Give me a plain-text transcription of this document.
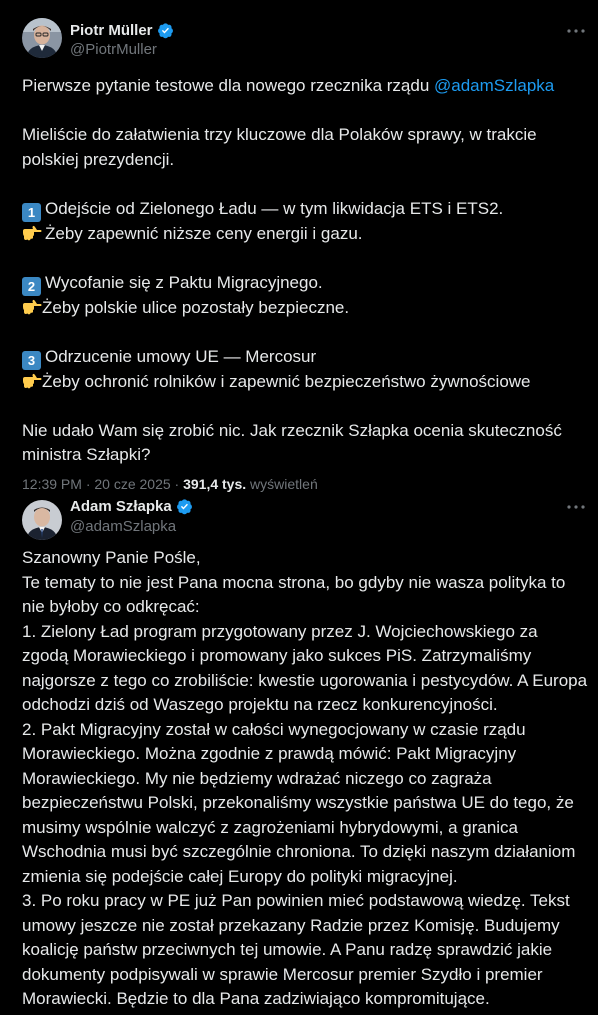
Piotr Müller
@PiotrMuller
Pierwsze pytanie testowe dla nowego rzecznika rządu @adamSzlapka

Mieliście do załatwienia trzy kluczowe dla Polaków sprawy, w trakcie polskiej prezydencji.

1 Odejście od Zielonego Ładu — w tym likwidacja ETS i ETS2.
Żeby zapewnić niższe ceny energii i gazu.

2 Wycofanie się z Paktu Migracyjnego.
Żeby polskie ulice pozostały bezpieczne.

3 Odrzucenie umowy UE — Mercosur
Żeby ochronić rolników i zapewnić bezpieczeństwo żywnościowe

Nie udało Wam się zrobić nic. Jak rzecznik Szłapka ocenia skuteczność ministra Szłapki?
12:39 PM · 20 cze 2025 · 391,4 tys. wyświetleń
Adam Szłapka
@adamSzlapka
Szanowny Panie Pośle,
Te tematy to nie jest Pana mocna strona, bo gdyby nie wasza polityka to nie byłoby co odkręcać:
1. Zielony Ład program przygotowany przez J. Wojciechowskiego za zgodą Morawieckiego i promowany jako sukces PiS. Zatrzymaliśmy najgorsze z tego co zrobiliście: kwestie ugorowania i pestycydów. A Europa odchodzi dziś od Waszego projektu na rzecz konkurencyjności.
2. Pakt Migracyjny został w całości wynegocjowany w czasie rządu Morawieckiego. Można zgodnie z prawdą mówić: Pakt Migracyjny Morawieckiego. My nie będziemy wdrażać niczego co zagraża bezpieczeństwu Polski, przekonaliśmy wszystkie państwa UE do tego, że musimy wspólnie walczyć z zagrożeniami hybrydowymi, a granica Wschodnia musi być szczególnie chroniona. To dzięki naszym działaniom zmienia się podejście całej Europy do polityki migracyjnej.
3. Po roku pracy w PE już Pan powinien mieć podstawową wiedzę. Tekst umowy jeszcze nie został przekazany Radzie przez Komisję. Budujemy koalicję państw przeciwnych tej umowie. A Panu radzę sprawdzić jakie dokumenty podpisywali w sprawie Mercosur premier Szydło i premier Morawiecki. Będzie to dla Pana zadziwiająco kompromitujące.
